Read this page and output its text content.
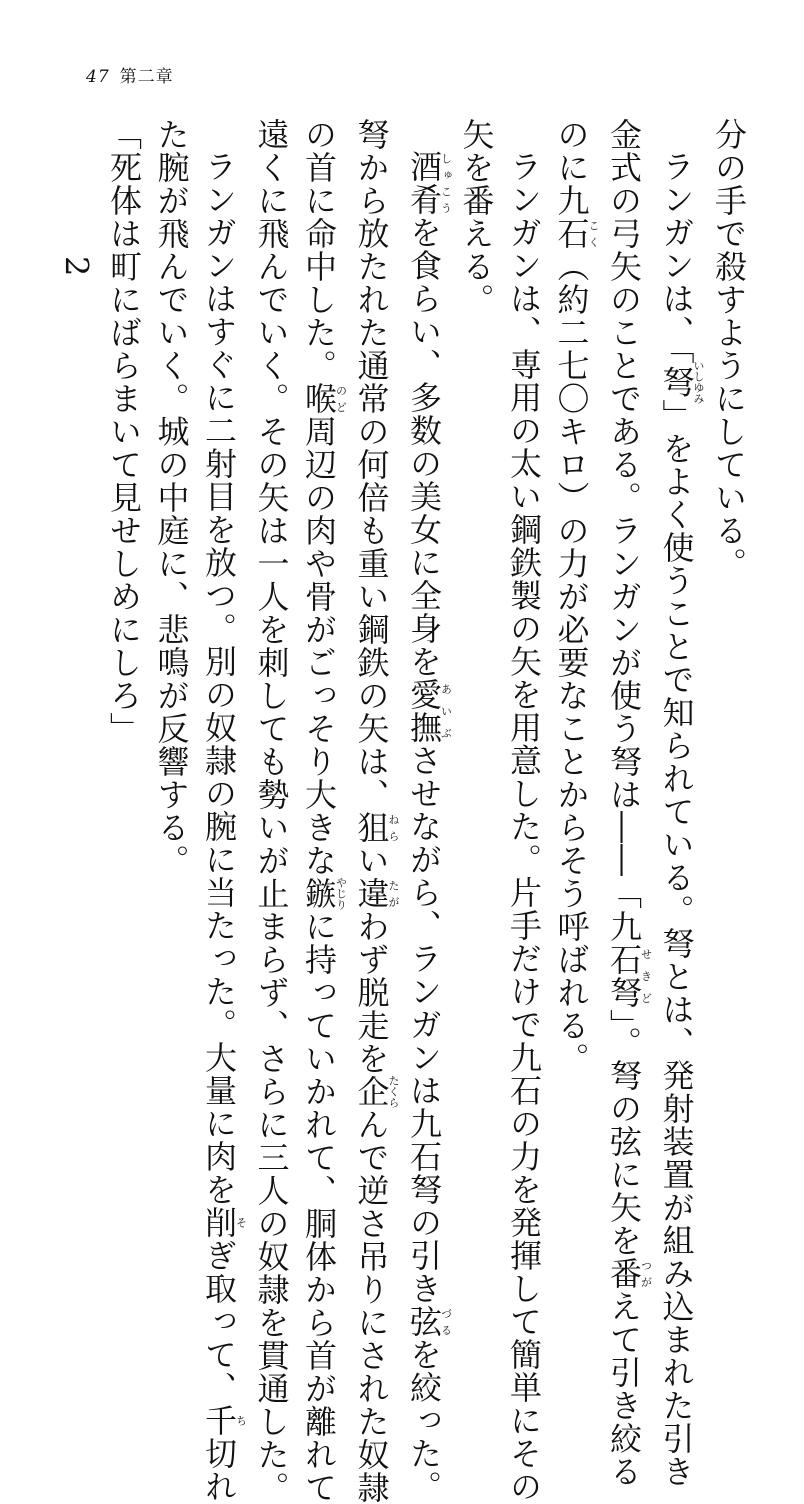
47 第二章

分の手で殺すようにしている。

ランガンは、「弩いしゆみ」をよく使うことで知られている。弩とは、発射装置が組み込まれた引き

金式の弓矢のことである。ランガンが使う弩は――「九石弩せきど」。弩の弦に矢を番つがえて引き絞る

のに九石こく（約二七〇キロ）の力が必要なことからそう呼ばれる。

ランガンは、専用の太い鋼鉄製の矢を用意した。片手だけで九石の力を発揮して簡単にその

矢を番える。

酒肴しゅこうを食らい、多数の美女に全身を愛撫あいぶさせながら、ランガンは九石弩の引き弦づるを絞った。

弩から放たれた通常の何倍も重い鋼鉄の矢は、狙ねらい違たがわず脱走を企たくらんで逆さ吊りにされた奴隷

の首に命中した。喉のど周辺の肉や骨がごっそり大きな鏃やじりに持っていかれて、胴体から首が離れて

遠くに飛んでいく。その矢は一人を刺しても勢いが止まらず、さらに三人の奴隷を貫通した。

ランガンはすぐに二射目を放つ。別の奴隷の腕に当たった。大量に肉を削そぎ取って、千ち切れ

た腕が飛んでいく。城の中庭に、悲鳴が反響する。

「死体は町にばらまいて見せしめにしろ」

2
